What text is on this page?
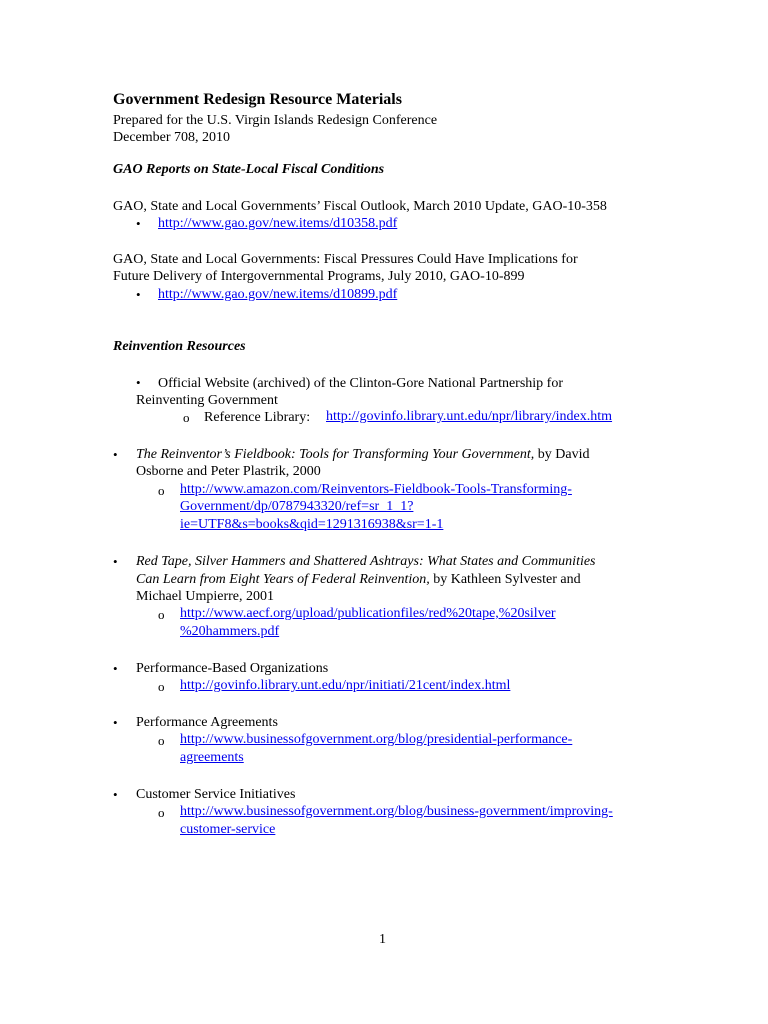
Government Redesign Resource Materials
Prepared for the U.S. Virgin Islands Redesign Conference
December 708, 2010
GAO Reports on State-Local Fiscal Conditions
GAO, State and Local Governments’ Fiscal Outlook, March 2010 Update, GAO-10-358
• http://www.gao.gov/new.items/d10358.pdf
GAO, State and Local Governments: Fiscal Pressures Could Have Implications for
Future Delivery of Intergovernmental Programs, July 2010, GAO-10-899
• http://www.gao.gov/new.items/d10899.pdf
Reinvention Resources
• Official Website (archived) of the Clinton-Gore National Partnership for
Reinventing Government
o Reference Library: http://govinfo.library.unt.edu/npr/library/index.htm
• The Reinventor’s Fieldbook: Tools for Transforming Your Government, by David
Osborne and Peter Plastrik, 2000
o http://www.amazon.com/Reinventors-Fieldbook-Tools-Transforming-
Government/dp/0787943320/ref=sr_1_1?
ie=UTF8&s=books&qid=1291316938&sr=1-1
• Red Tape, Silver Hammers and Shattered Ashtrays: What States and Communities
Can Learn from Eight Years of Federal Reinvention, by Kathleen Sylvester and
Michael Umpierre, 2001
o http://www.aecf.org/upload/publicationfiles/red%20tape,%20silver
%20hammers.pdf
• Performance-Based Organizations
o http://govinfo.library.unt.edu/npr/initiati/21cent/index.html
• Performance Agreements
o http://www.businessofgovernment.org/blog/presidential-performance-
agreements
• Customer Service Initiatives
o http://www.businessofgovernment.org/blog/business-government/improving-
customer-service
1
